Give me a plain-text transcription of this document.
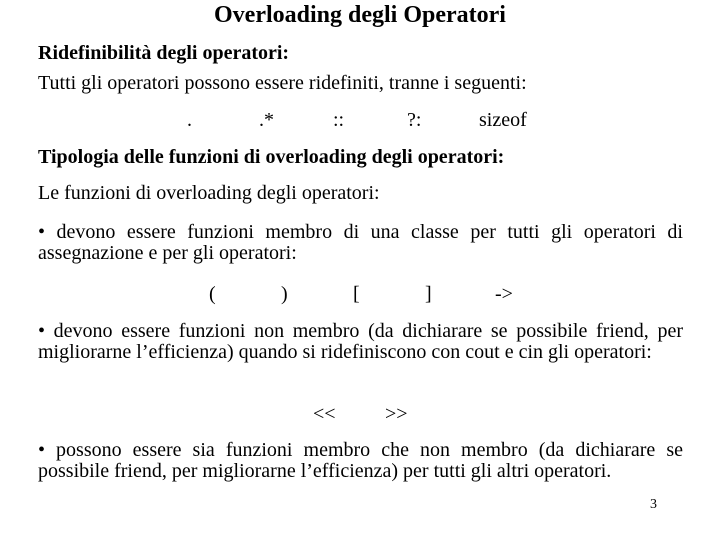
Overloading degli Operatori
Ridefinibilità degli operatori:
Tutti gli operatori possono essere ridefiniti, tranne i seguenti:
.	.*	::	?:	sizeof
Tipologia delle funzioni di overloading degli operatori:
Le funzioni di overloading degli operatori:
• devono essere funzioni membro di una classe per tutti gli operatori di assegnazione e per gli operatori:
(	)	[	]	->
• devono essere funzioni non membro (da dichiarare se possibile friend, per migliorarne l’efficienza) quando si ridefiniscono con cout e cin gli operatori:
<< >>
• possono essere sia funzioni membro che non membro (da dichiarare se possibile friend, per migliorarne l’efficienza) per tutti gli altri operatori.
3
